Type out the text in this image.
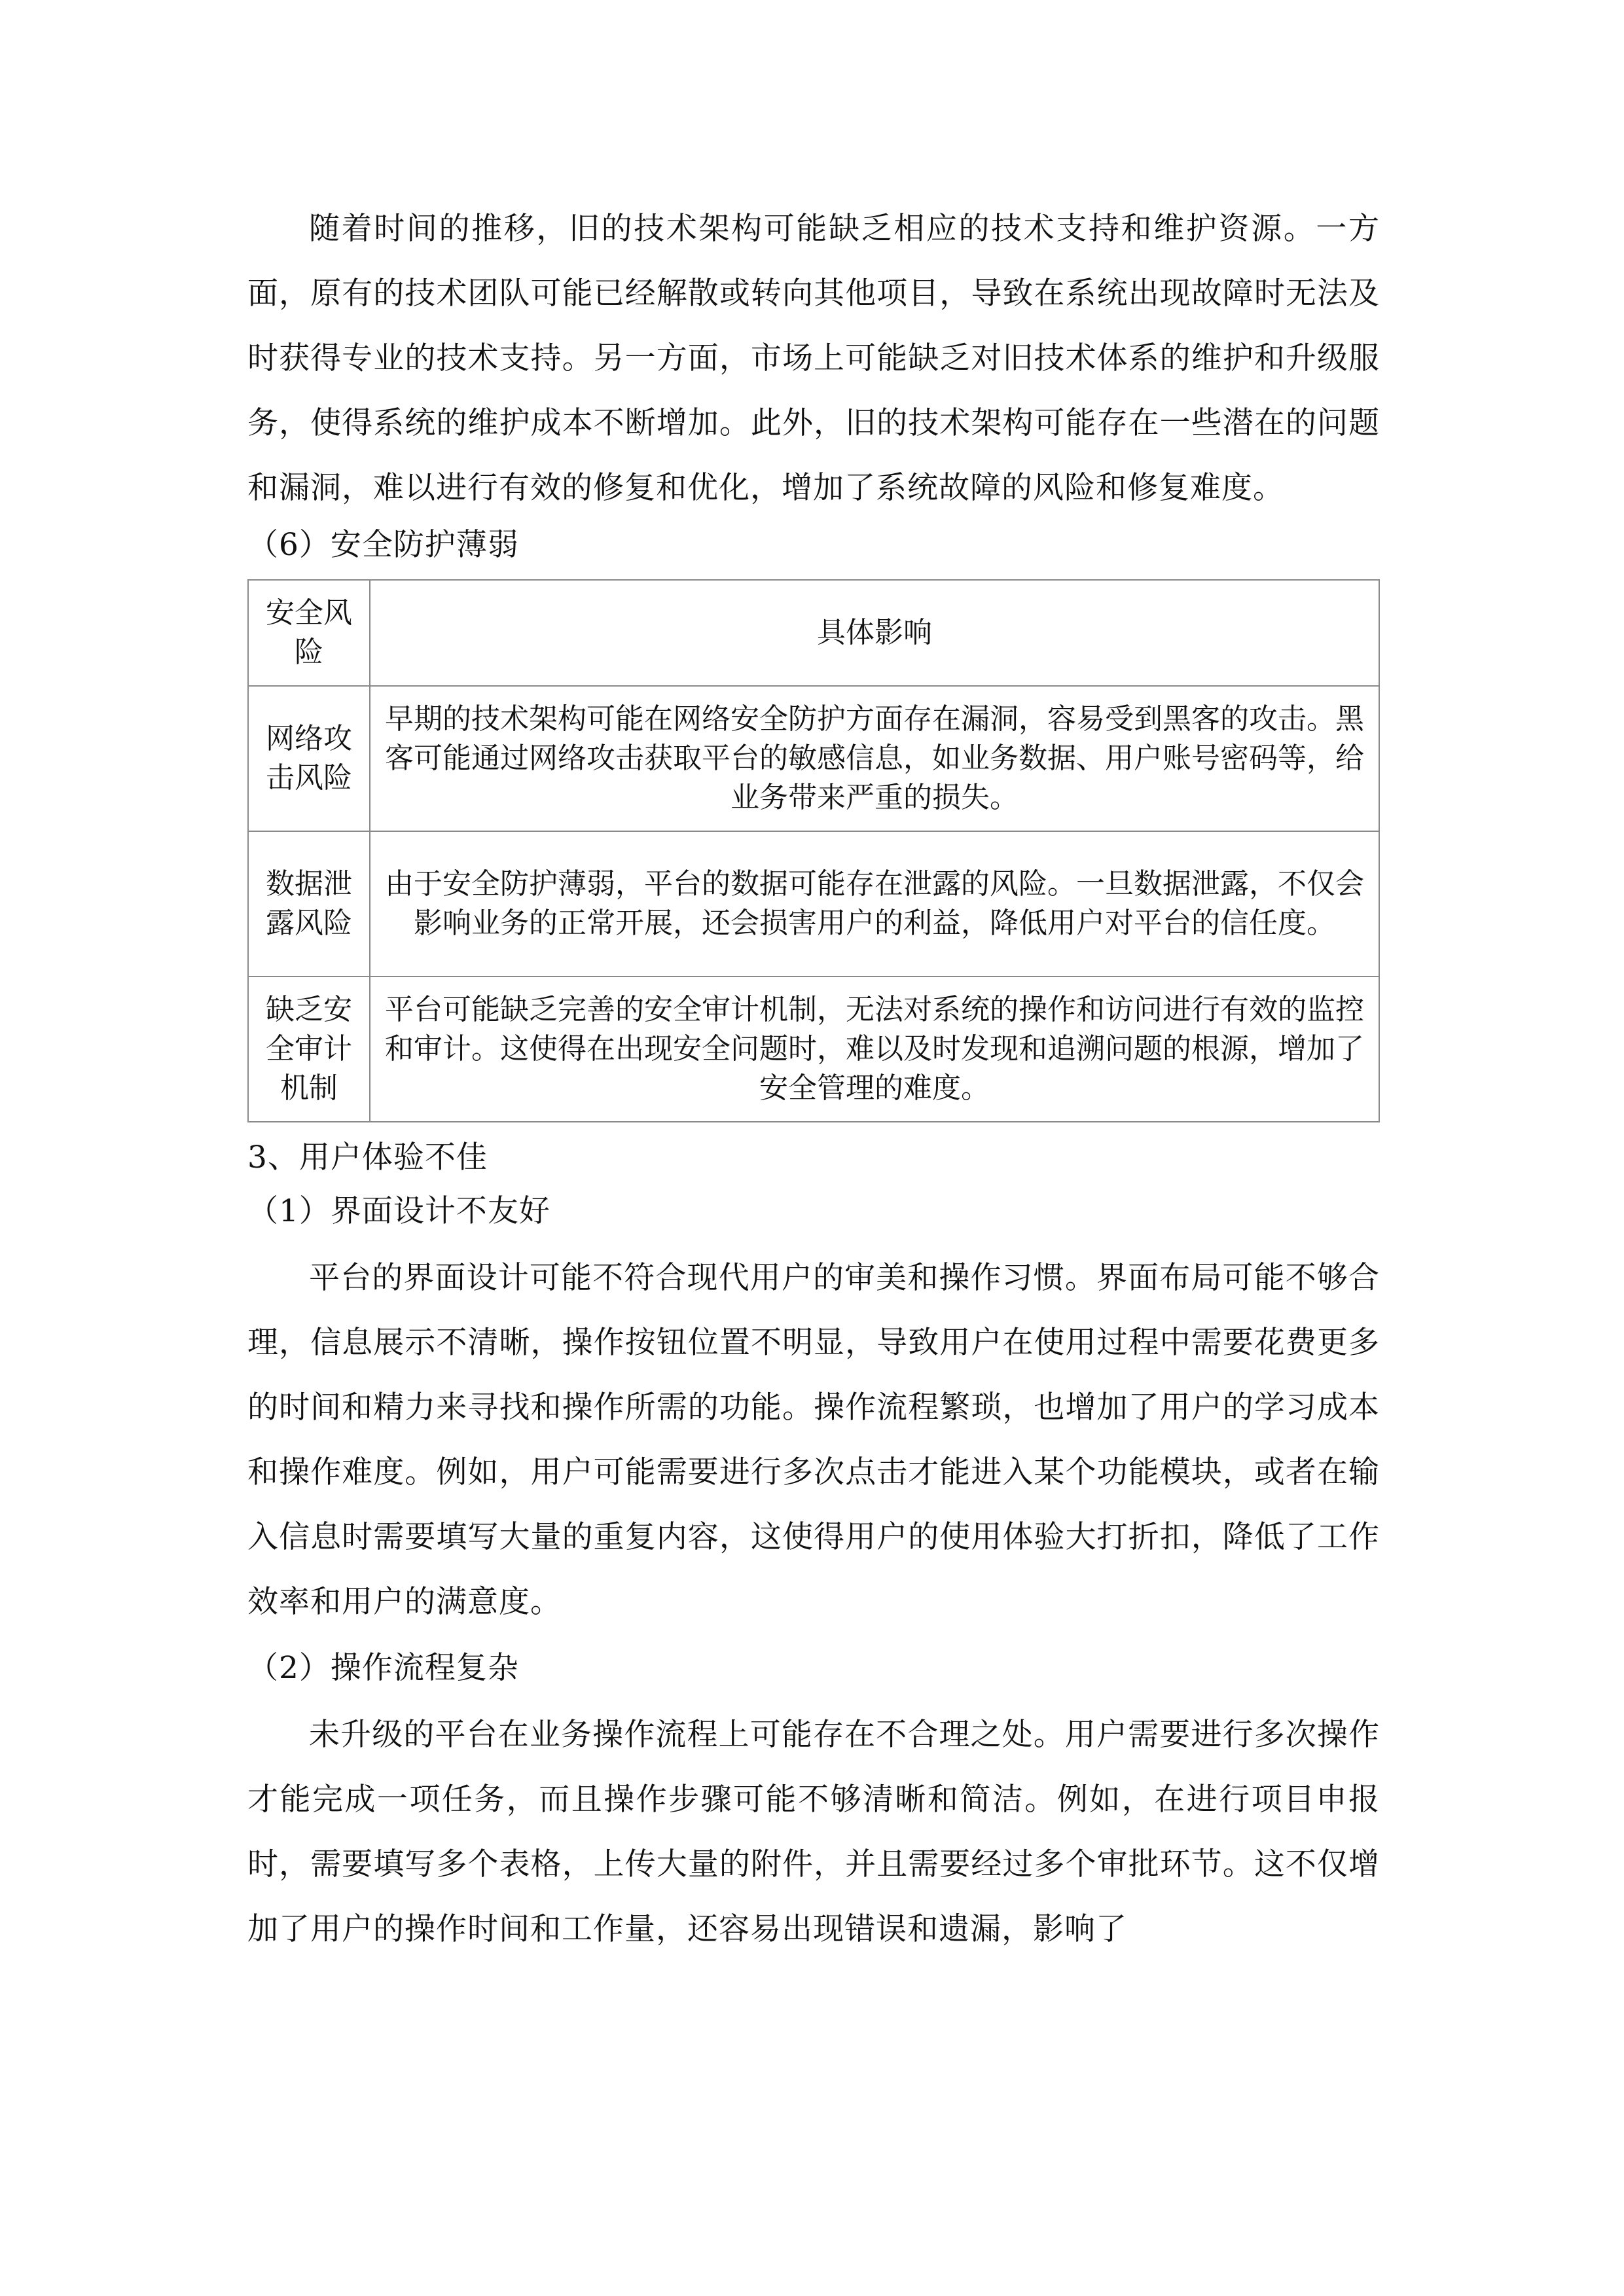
随着时间的推移，旧的技术架构可能缺乏相应的技术支持和维护资源。一方面，原有的技术团队可能已经解散或转向其他项目，导致在系统出现故障时无法及时获得专业的技术支持。另一方面，市场上可能缺乏对旧技术体系的维护和升级服务，使得系统的维护成本不断增加。此外，旧的技术架构可能存在一些潜在的问题和漏洞，难以进行有效的修复和优化，增加了系统故障的风险和修复难度。

（6）安全防护薄弱

安全风险	具体影响
网络攻击风险	早期的技术架构可能在网络安全防护方面存在漏洞，容易受到黑客的攻击。黑客可能通过网络攻击获取平台的敏感信息，如业务数据、用户账号密码等，给业务带来严重的损失。
数据泄露风险	由于安全防护薄弱，平台的数据可能存在泄露的风险。一旦数据泄露，不仅会影响业务的正常开展，还会损害用户的利益，降低用户对平台的信任度。
缺乏安全审计机制	平台可能缺乏完善的安全审计机制，无法对系统的操作和访问进行有效的监控和审计。这使得在出现安全问题时，难以及时发现和追溯问题的根源，增加了安全管理的难度。

3、用户体验不佳

（1）界面设计不友好

平台的界面设计可能不符合现代用户的审美和操作习惯。界面布局可能不够合理，信息展示不清晰，操作按钮位置不明显，导致用户在使用过程中需要花费更多的时间和精力来寻找和操作所需的功能。操作流程繁琐，也增加了用户的学习成本和操作难度。例如，用户可能需要进行多次点击才能进入某个功能模块，或者在输入信息时需要填写大量的重复内容，这使得用户的使用体验大打折扣，降低了工作效率和用户的满意度。

（2）操作流程复杂

未升级的平台在业务操作流程上可能存在不合理之处。用户需要进行多次操作才能完成一项任务，而且操作步骤可能不够清晰和简洁。例如，在进行项目申报时，需要填写多个表格，上传大量的附件，并且需要经过多个审批环节。这不仅增加了用户的操作时间和工作量，还容易出现错误和遗漏，影响了
